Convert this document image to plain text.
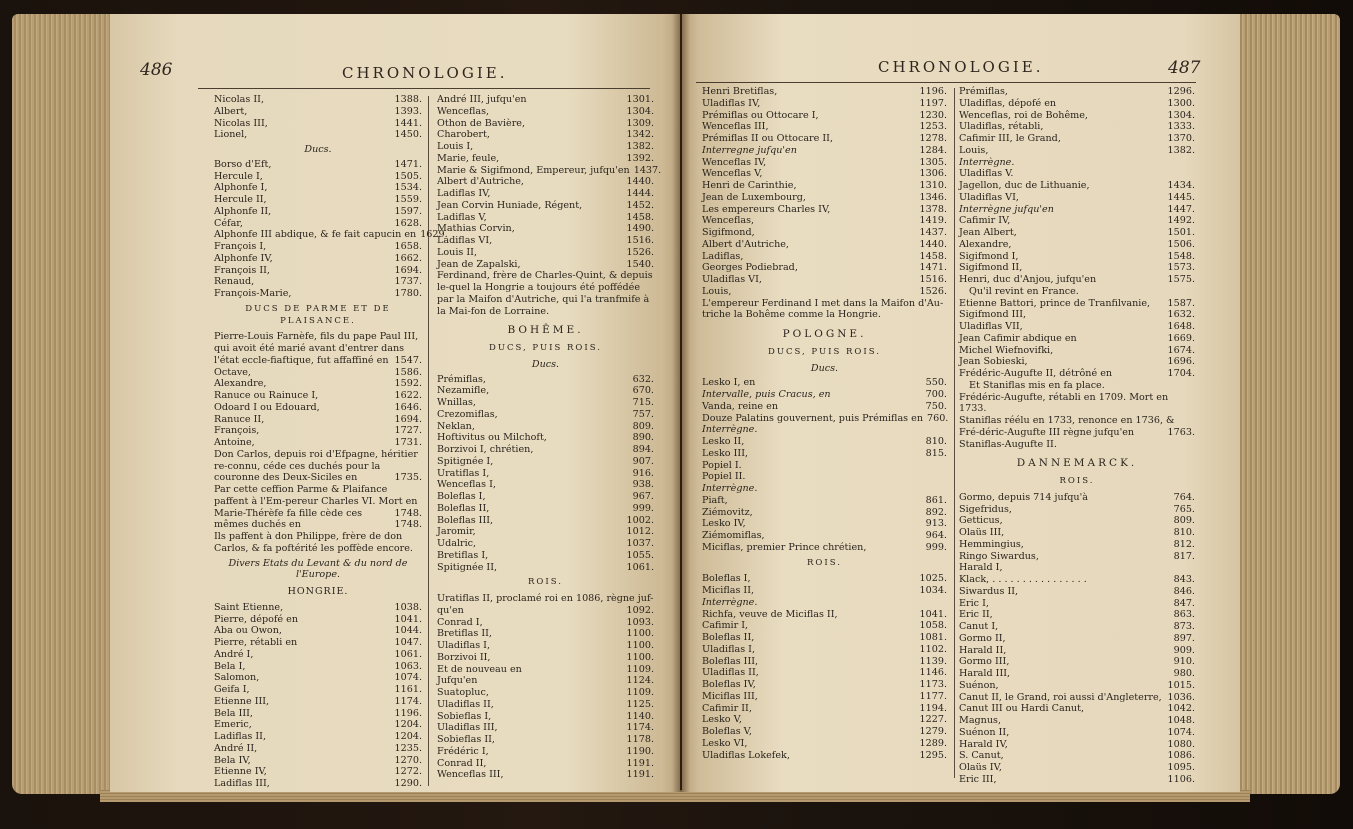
486	CHRONOLOGIE.
Nicolas II,	1388.
Albert,	1393.
Nicolas III,	1441.
Lionel,	1450.
Ducs.
Borso d'Eft,	1471.
Hercule I,	1505.
Alphonfe I,	1534.
Hercule II,	1559.
Alphonfe II,	1597.
Céfar,	1628.
Alphonfe III abdique, & fe fait capucin en 1629.
François I,	1658.
Alphonfe IV,	1662.
François II,	1694.
Renaud,	1737.
François-Marie,	1780.
DUCS DE PARME ET DE PLAISANCE.
Pierre-Louis Farnèfe, fils du pape Paul III, qui avoit été marié avant d'entrer dans l'état eccle-fiaftique, fut affaffiné en 1547.
Octave,	1586.
Alexandre,	1592.
Ranuce ou Rainuce I,	1622.
Odoard I ou Edouard,	1646.
Ranuce II,	1694.
François,	1727.
Antoine,	1731.
Don Carlos, depuis roi d'Efpagne, héritier re-connu, céde ces duchés pour la couronne des Deux-Siciles en	1735.
Par cette ceffion Parme & Plaifance paffent à l'Em-pereur Charles VI. Mort en
1748.
Marie-Thérèfe fa fille cède ces mêmes duchés en	1748.
Ils paffent à don Philippe, frère de don Carlos, & fa poftérité les poffède encore.
Divers Etats du Levant & du nord de l'Europe.
HONGRIE.
Saint Etienne,	1038.
Pierre, dépofé en	1041.
Aba ou Owon,	1044.
Pierre, rétabli en	1047.
André I,	1061.
Bela I,	1063.
Salomon,	1074.
Geifa I,	1161.
Etienne III,	1174.
Bela III,	1196.
Emeric,	1204.
Ladiflas II,	1204.
André II,	1235.
Bela IV,	1270.
Etienne IV,	1272.
Ladiflas III,	1290.
André III, jufqu'en	1301.
Wenceflas,	1304.
Othon de Bavière,	1309.
Charobert,	1342.
Louis I,	1382.
Marie, feule,	1392.
Marie & Sigifmond, Empereur, jufqu'en 1437.
Albert d'Autriche,	1440.
Ladiflas IV,	1444.
Jean Corvin Huniade, Régent,	1452.
Ladiflas V,	1458.
Mathias Corvin,	1490.
Ladiflas VI,	1516.
Louis II,	1526.
Jean de Zapalski,	1540.
Ferdinand, frère de Charles-Quint, & depuis le-quel la Hongrie a toujours été poffédée par la Maifon d'Autriche, qui l'a tranfmife à la Mai-fon de Lorraine.
BOHÊME.
DUCS, PUIS ROIS.
Ducs.
Prémiflas,	632.
Nezamifle,	670.
Wnillas,	715.
Crezomiflas,	757.
Neklan,	809.
Hoftivitus ou Milchoft,	890.
Borzivoi I, chrétien,	894.
Spitignée I,	907.
Uratiflas I,	916.
Wenceflas I,	938.
Boleflas I,	967.
Boleflas II,	999.
Boleflas III,	1002.
Jaromir,	1012.
Udalric,	1037.
Bretiflas I,	1055.
Spitignée II,	1061.
ROIS.
Uratiflas II, proclamé roi en 1086, règne juf-qu'en	1092.
Conrad I,	1093.
Bretiflas II,	1100.
Uladiflas I,	1100.
Borzivoi II,	1100.
Et de nouveau en	1109.
Jufqu'en	1124.
Suatopluc,	1109.
Uladiflas II,	1125.
Sobieflas I,	1140.
Uladiflas III,	1174.
Sobieflas II,	1178.
Frédéric I,	1190.
Conrad II,	1191.
Wenceflas III,	1191.
CHRONOLOGIE.	487
Henri Bretiflas,	1196.
Uladiflas IV,	1197.
Prémiflas ou Ottocare I,	1230.
Wenceflas III,	1253.
Prémiflas II ou Ottocare II,	1278.
Interregne jufqu'en	1284.
Wenceflas IV,	1305.
Wenceflas V,	1306.
Henri de Carinthie,	1310.
Jean de Luxembourg,	1346.
Les empereurs Charles IV,	1378.
Wenceflas,	1419.
Sigifmond,	1437.
Albert d'Autriche,	1440.
Ladiflas,	1458.
Georges Podiebrad,	1471.
Uladiflas VI,	1516.
Louis,	1526.
L'empereur Ferdinand I met dans la Maifon d'Au-triche la Bohême comme la Hongrie.
POLOGNE.
DUCS, PUIS ROIS.
Ducs.
Lesko I, en	550.
Intervalle, puis Cracus, en	700.
Vanda, reine en	750.
Douze Palatins gouvernent, puis Prémiflas en 760.
Interrègne.
Lesko II,	810.
Lesko III,	815.
Popiel I.
Popiel II.
Interrègne.
Piaft,	861.
Ziémovitz,	892.
Lesko IV,	913.
Ziémomiflas,	964.
Miciflas, premier Prince chrétien,	999.
ROIS.
Boleflas I,	1025.
Miciflas II,	1034.
Interrègne.
Richfa, veuve de Miciflas II,	1041.
Cafimir I,	1058.
Boleflas II,	1081.
Uladiflas I,	1102.
Boleflas III,	1139.
Uladiflas II,	1146.
Boleflas IV,	1173.
Miciflas III,	1177.
Cafimir II,	1194.
Lesko V,	1227.
Boleflas V,	1279.
Lesko VI,	1289.
Uladiflas Lokefek,	1295.
Prémiflas,	1296.
Uladiflas, dépofé en	1300.
Wenceflas, roi de Bohême,	1304.
Uladiflas, rétabli,	1333.
Cafimir III, le Grand,	1370.
Louis,	1382.
Interrègne.
Uladiflas V.
Jagellon, duc de Lithuanie,	1434.
Uladiflas VI,	1445.
Interrègne jufqu'en	1447.
Cafimir IV,	1492.
Jean Albert,	1501.
Alexandre,	1506.
Sigifmond I,	1548.
Sigifmond II,	1573.
Henri, duc d'Anjou, jufqu'en	1575.
Qu'il revint en France.
Etienne Battori, prince de Tranfilvanie,	1587.
Sigifmond III,	1632.
Uladiflas VII,	1648.
Jean Cafimir abdique en	1669.
Michel Wiefnovifki,	1674.
Jean Sobieski,	1696.
Frédéric-Augufte II, détrôné en	1704.
Et Staniflas mis en fa place.
Frédéric-Augufte, rétabli en 1709. Mort en 1733.
Staniflas réélu en 1733, renonce en 1736, & Fré-déric-Augufte III règne jufqu'en	1763.
Staniflas-Augufte II.
DANNEMARCK.
ROIS.
Gormo, depuis 714 jufqu'à	764.
Sigefridus,	765.
Getticus,	809.
Olaüs III,	810.
Hemmingius,	812.
Ringo Siwardus,	817.
Harald I,
Klack, . . . . . . . . . . . . . . . .	843.
Siwardus II,	846.
Eric I,	847.
Eric II,	863.
Canut I,	873.
Gormo II,	897.
Harald II,	909.
Gormo III,	910.
Harald III,	980.
Suénon,	1015.
Canut II, le Grand, roi aussi d'Angleterre, 1036.
Canut III ou Hardi Canut,	1042.
Magnus,	1048.
Suénon II,	1074.
Harald IV,	1080.
S. Canut,	1086.
Olaüs IV,	1095.
Eric III,	1106.
